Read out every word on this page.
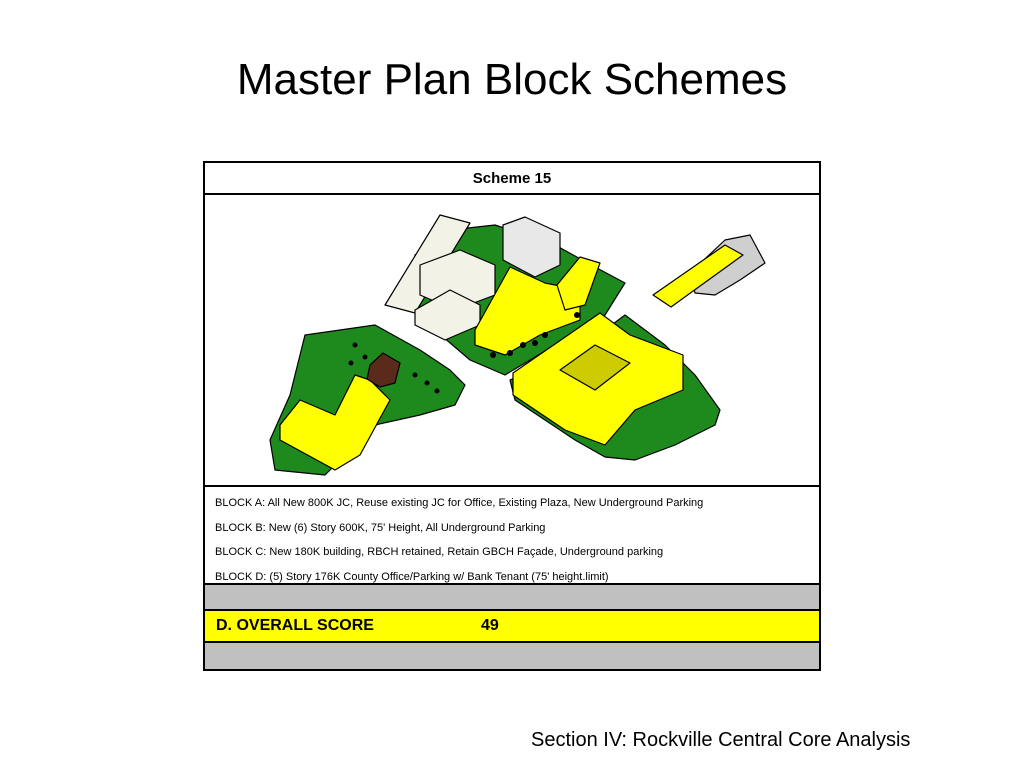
Master Plan Block Schemes
Scheme 15
BLOCK A: All New 800K JC, Reuse existing JC for Office, Existing Plaza, New Underground Parking
BLOCK B: New (6) Story 600K, 75' Height, All Underground Parking
BLOCK C: New 180K building, RBCH retained, Retain GBCH Façade, Underground parking
BLOCK D: (5) Story 176K County Office/Parking w/ Bank Tenant (75' height.limit)
D. OVERALL SCORE	49
Section IV: Rockville Central Core Analysis
